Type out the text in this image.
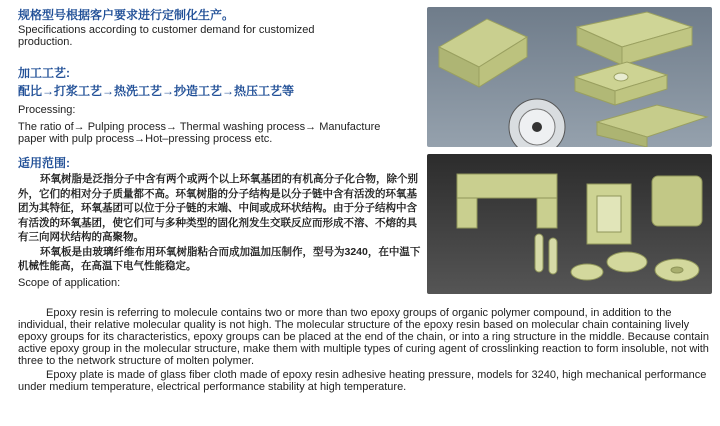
规格型号根据客户要求进行定制化生产。
Specifications according to customer demand for customized production.
加工工艺:
配比→打浆工艺→热洗工艺→抄造工艺→热压工艺等
Processing:
The ratio of→ Pulping process→ Thermal washing process→ Manufacture paper with pulp process→Hot–pressing process etc.
适用范围:
环氧树脂是泛指分子中含有两个或两个以上环氧基团的有机高分子化合物，除个别外，它们的相对分子质量都不高。环氧树脂的分子结构是以分子链中含有活泼的环氧基团为其特征，环氧基团可以位于分子链的末端、中间或成环状结构。由于分子结构中含有活泼的环氧基团，使它们可与多种类型的固化剂发生交联反应而形成不溶、不熔的具有三向网状结构的高聚物。
环氧板是由玻璃纤维布用环氧树脂粘合而成加温加压制作，型号为3240，在中温下机械性能高，在高温下电气性能稳定。
Scope of application:
Epoxy resin is referring to molecule contains two or more than two epoxy groups of organic polymer compound, in addition to the individual, their relative molecular quality is not high. The molecular structure of the epoxy resin based on molecular chain containing lively epoxy groups for its characteristics, epoxy groups can be placed at the end of the chain, or into a ring structure in the middle. Because contain active epoxy group in the molecular structure, make them with multiple types of curing agent of crosslinking reaction to form insoluble, not with three to the network structure of molten polymer.
Epoxy plate is made of glass fiber cloth made of epoxy resin adhesive heating pressure, models for 3240, high mechanical performance under medium temperature, electrical performance stability at high temperature.
